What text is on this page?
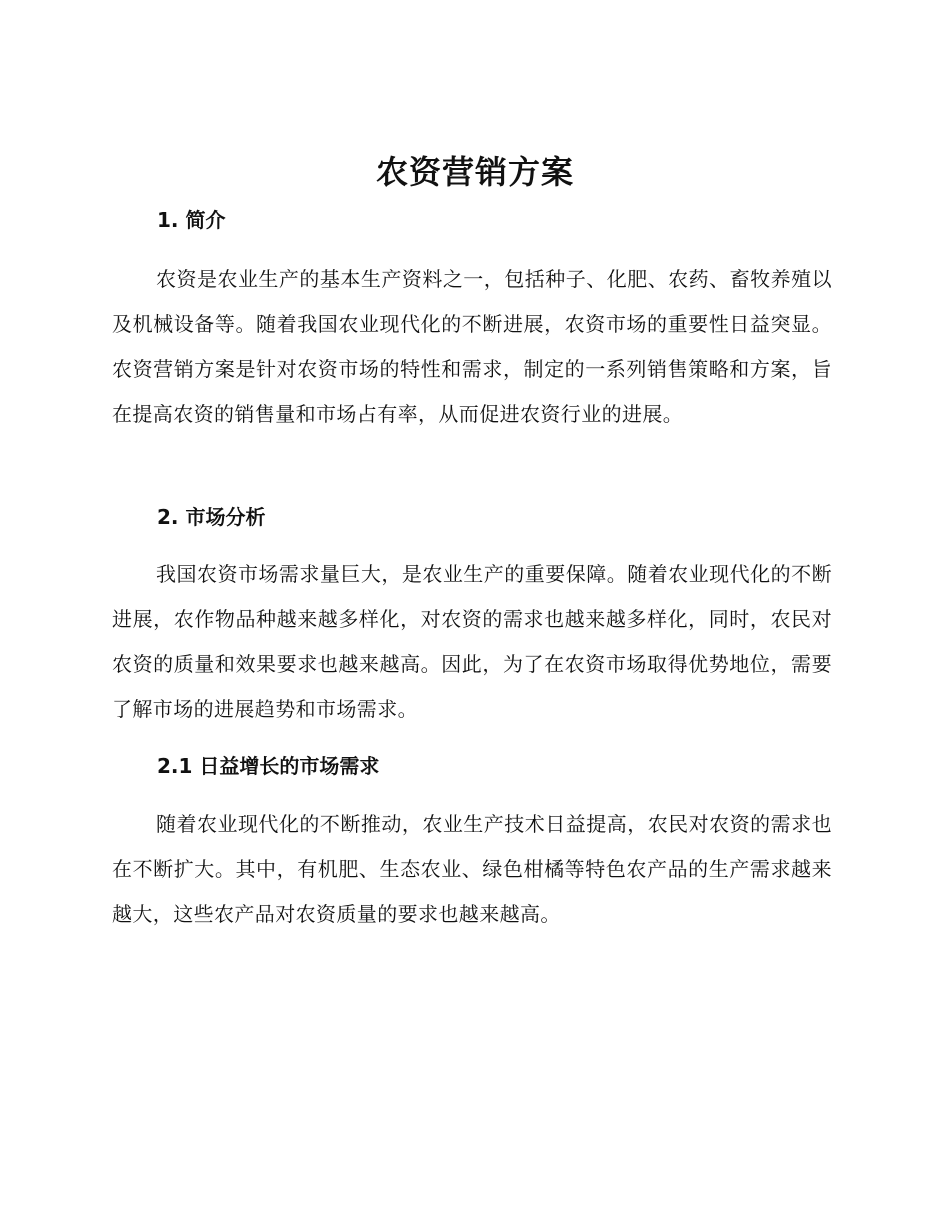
农资营销方案
1. 简介
农资是农业生产的基本生产资料之一，包括种子、化肥、农药、畜牧养殖以及机械设备等。随着我国农业现代化的不断进展，农资市场的重要性日益突显。农资营销方案是针对农资市场的特性和需求，制定的一系列销售策略和方案，旨在提高农资的销售量和市场占有率，从而促进农资行业的进展。
2. 市场分析
我国农资市场需求量巨大，是农业生产的重要保障。随着农业现代化的不断进展，农作物品种越来越多样化，对农资的需求也越来越多样化，同时，农民对农资的质量和效果要求也越来越高。因此，为了在农资市场取得优势地位，需要了解市场的进展趋势和市场需求。
2.1 日益增长的市场需求
随着农业现代化的不断推动，农业生产技术日益提高，农民对农资的需求也在不断扩大。其中，有机肥、生态农业、绿色柑橘等特色农产品的生产需求越来越大，这些农产品对农资质量的要求也越来越高。
